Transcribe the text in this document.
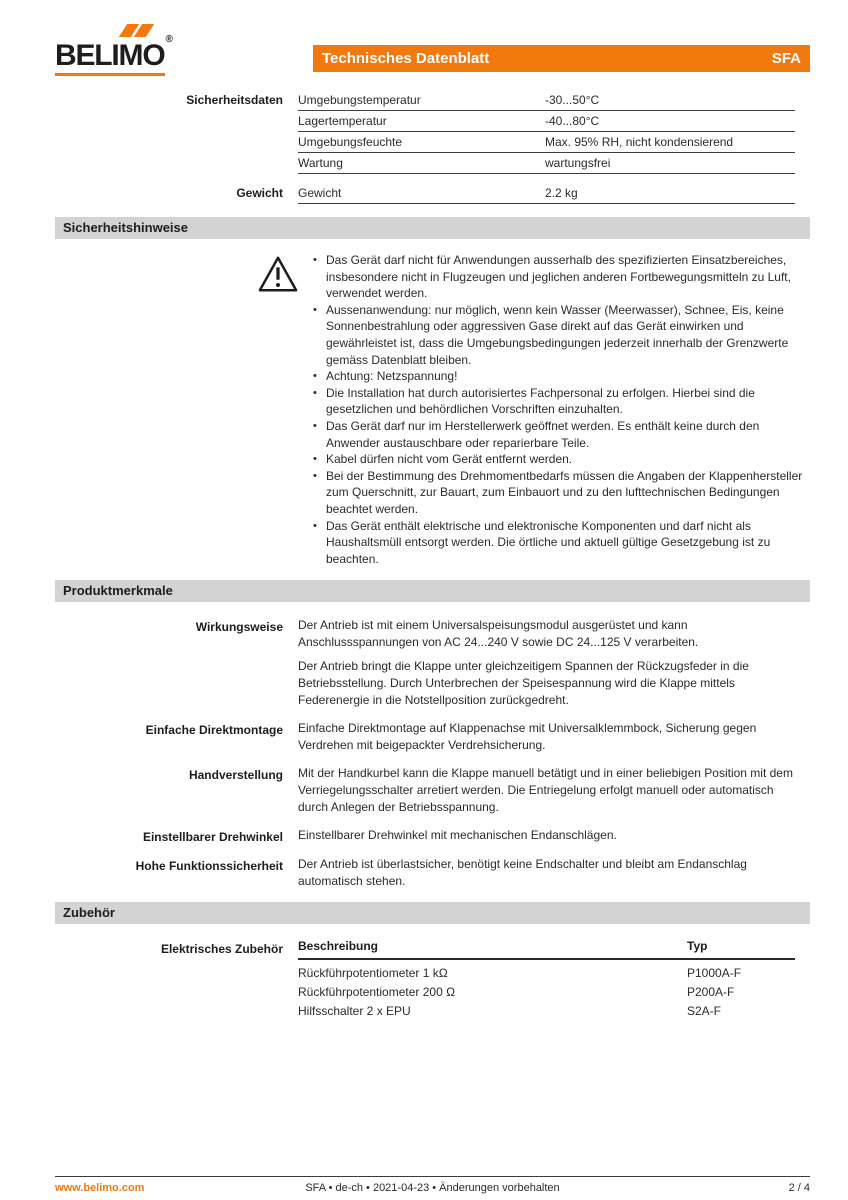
BELIMO®
Technisches Datenblatt	SFA
Sicherheitsdaten	Umgebungstemperatur	-30...50°C
Lagertemperatur	-40...80°C
Umgebungsfeuchte	Max. 95% RH, nicht kondensierend
Wartung	wartungsfrei
Gewicht	Gewicht	2.2 kg
Sicherheitshinweise
• Das Gerät darf nicht für Anwendungen ausserhalb des spezifizierten Einsatzbereiches, insbesondere nicht in Flugzeugen und jeglichen anderen Fortbewegungsmitteln zu Luft, verwendet werden.
• Aussenanwendung: nur möglich, wenn kein Wasser (Meerwasser), Schnee, Eis, keine Sonnenbestrahlung oder aggressiven Gase direkt auf das Gerät einwirken und gewährleistet ist, dass die Umgebungsbedingungen jederzeit innerhalb der Grenzwerte gemäss Datenblatt bleiben.
• Achtung: Netzspannung!
• Die Installation hat durch autorisiertes Fachpersonal zu erfolgen. Hierbei sind die gesetzlichen und behördlichen Vorschriften einzuhalten.
• Das Gerät darf nur im Herstellerwerk geöffnet werden. Es enthält keine durch den Anwender austauschbare oder reparierbare Teile.
• Kabel dürfen nicht vom Gerät entfernt werden.
• Bei der Bestimmung des Drehmomentbedarfs müssen die Angaben der Klappenhersteller zum Querschnitt, zur Bauart, zum Einbauort und zu den lufttechnischen Bedingungen beachtet werden.
• Das Gerät enthält elektrische und elektronische Komponenten und darf nicht als Haushaltsmüll entsorgt werden. Die örtliche und aktuell gültige Gesetzgebung ist zu beachten.
Produktmerkmale
Wirkungsweise	Der Antrieb ist mit einem Universalspeisungsmodul ausgerüstet und kann Anschlussspannungen von AC 24...240 V sowie DC 24...125 V verarbeiten.

Der Antrieb bringt die Klappe unter gleichzeitigem Spannen der Rückzugsfeder in die Betriebsstellung. Durch Unterbrechen der Speisespannung wird die Klappe mittels Federenergie in die Notstellposition zurückgedreht.

Einfache Direktmontage	Einfache Direktmontage auf Klappenachse mit Universalklemmbock, Sicherung gegen Verdrehen mit beigepackter Verdrehsicherung.

Handverstellung	Mit der Handkurbel kann die Klappe manuell betätigt und in einer beliebigen Position mit dem Verriegelungsschalter arretiert werden. Die Entriegelung erfolgt manuell oder automatisch durch Anlegen der Betriebsspannung.

Einstellbarer Drehwinkel	Einstellbarer Drehwinkel mit mechanischen Endanschlägen.

Hohe Funktionssicherheit	Der Antrieb ist überlastsicher, benötigt keine Endschalter und bleibt am Endanschlag automatisch stehen.

Zubehör
Elektrisches Zubehör	Beschreibung	Typ
Rückführpotentiometer 1 kΩ	P1000A-F
Rückführpotentiometer 200 Ω	P200A-F
Hilfsschalter 2 x EPU	S2A-F
www.belimo.com	SFA • de-ch • 2021-04-23 • Änderungen vorbehalten	2 / 4
